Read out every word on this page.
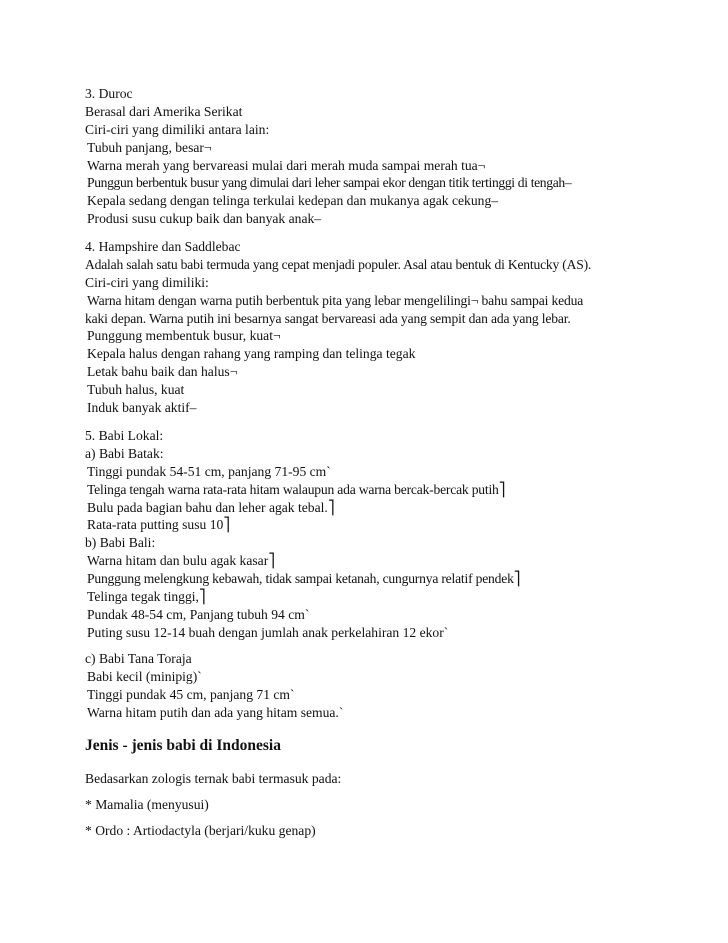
3. Duroc
Berasal dari Amerika Serikat
Ciri-ciri yang dimiliki antara lain:
Tubuh panjang, besar¬
Warna merah yang bervareasi mulai dari merah muda sampai merah tua¬
Punggun berbentuk busur yang dimulai dari leher sampai ekor dengan titik tertinggi di tengah–
Kepala sedang dengan telinga terkulai kedepan dan mukanya agak cekung–
Produsi susu cukup baik dan banyak anak–
4. Hampshire dan Saddlebac
Adalah salah satu babi termuda yang cepat menjadi populer. Asal atau bentuk di Kentucky (AS).
Ciri-ciri yang dimiliki:
Warna hitam dengan warna putih berbentuk pita yang lebar mengelilingi¬ bahu sampai kedua
kaki depan. Warna putih ini besarnya sangat bervareasi ada yang sempit dan ada yang lebar.
Punggung membentuk busur, kuat¬
Kepala halus dengan rahang yang ramping dan telinga tegak
Letak bahu baik dan halus¬
Tubuh halus, kuat
Induk banyak aktif–
5. Babi Lokal:
a) Babi Batak:
Tinggi pundak 54-51 cm, panjang 71-95 cm`
Telinga tengah warna rata-rata hitam walaupun ada warna bercak-bercak putih⎤
Bulu pada bagian bahu dan leher agak tebal.⎤
Rata-rata putting susu 10⎤
b) Babi Bali:
Warna hitam dan bulu agak kasar⎤
Punggung melengkung kebawah, tidak sampai ketanah, cungurnya relatif pendek⎤
Telinga tegak tinggi,⎤
Pundak 48-54 cm, Panjang tubuh 94 cm`
Puting susu 12-14 buah dengan jumlah anak perkelahiran 12 ekor`
c) Babi Tana Toraja
Babi kecil (minipig)`
Tinggi pundak 45 cm, panjang 71 cm`
Warna hitam putih dan ada yang hitam semua.`
Jenis - jenis babi di Indonesia
Bedasarkan zologis ternak babi termasuk pada:
* Mamalia (menyusui)
* Ordo : Artiodactyla (berjari/kuku genap)
